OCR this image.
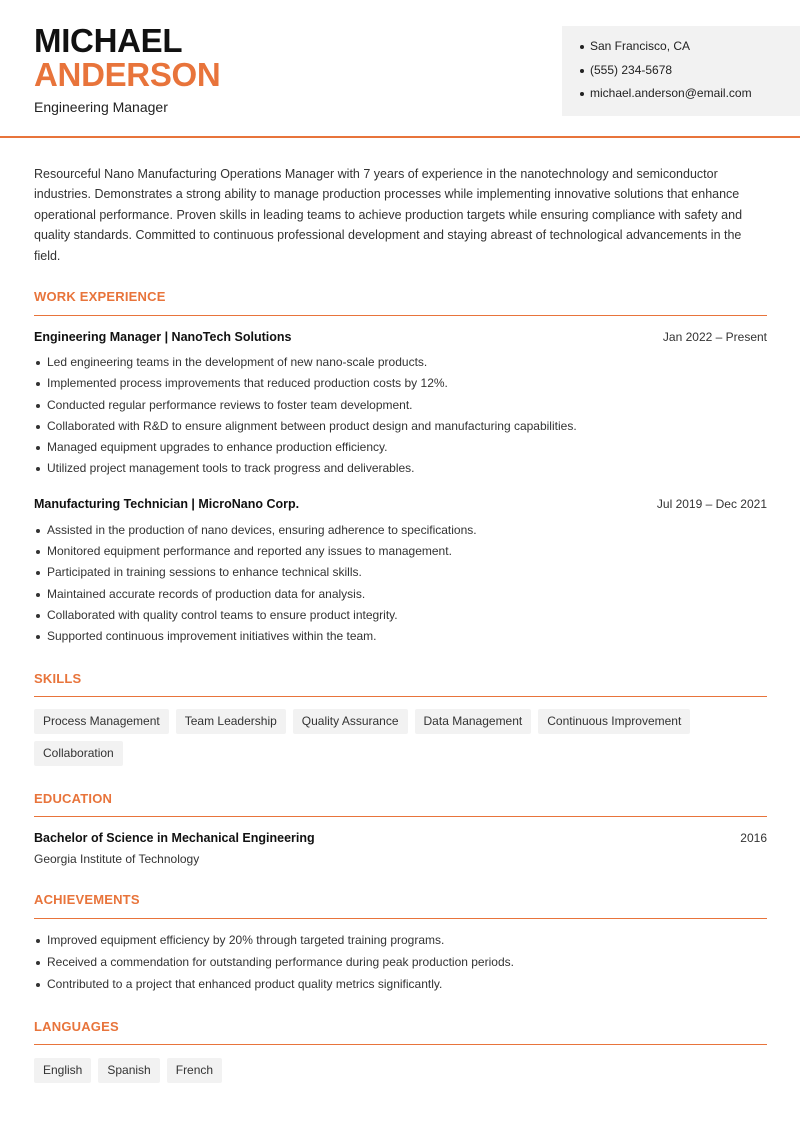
MICHAEL
ANDERSON
Engineering Manager
San Francisco, CA
(555) 234-5678
michael.anderson@email.com
Resourceful Nano Manufacturing Operations Manager with 7 years of experience in the nanotechnology and semiconductor industries. Demonstrates a strong ability to manage production processes while implementing innovative solutions that enhance operational performance. Proven skills in leading teams to achieve production targets while ensuring compliance with safety and quality standards. Committed to continuous professional development and staying abreast of technological advancements in the field.
WORK EXPERIENCE
Engineering Manager | NanoTech Solutions	Jan 2022 – Present
Led engineering teams in the development of new nano-scale products.
Implemented process improvements that reduced production costs by 12%.
Conducted regular performance reviews to foster team development.
Collaborated with R&D to ensure alignment between product design and manufacturing capabilities.
Managed equipment upgrades to enhance production efficiency.
Utilized project management tools to track progress and deliverables.
Manufacturing Technician | MicroNano Corp.	Jul 2019 – Dec 2021
Assisted in the production of nano devices, ensuring adherence to specifications.
Monitored equipment performance and reported any issues to management.
Participated in training sessions to enhance technical skills.
Maintained accurate records of production data for analysis.
Collaborated with quality control teams to ensure product integrity.
Supported continuous improvement initiatives within the team.
SKILLS
Process Management	Team Leadership	Quality Assurance	Data Management	Continuous Improvement
Collaboration
EDUCATION
Bachelor of Science in Mechanical Engineering	2016
Georgia Institute of Technology
ACHIEVEMENTS
Improved equipment efficiency by 20% through targeted training programs.
Received a commendation for outstanding performance during peak production periods.
Contributed to a project that enhanced product quality metrics significantly.
LANGUAGES
English	Spanish	French
